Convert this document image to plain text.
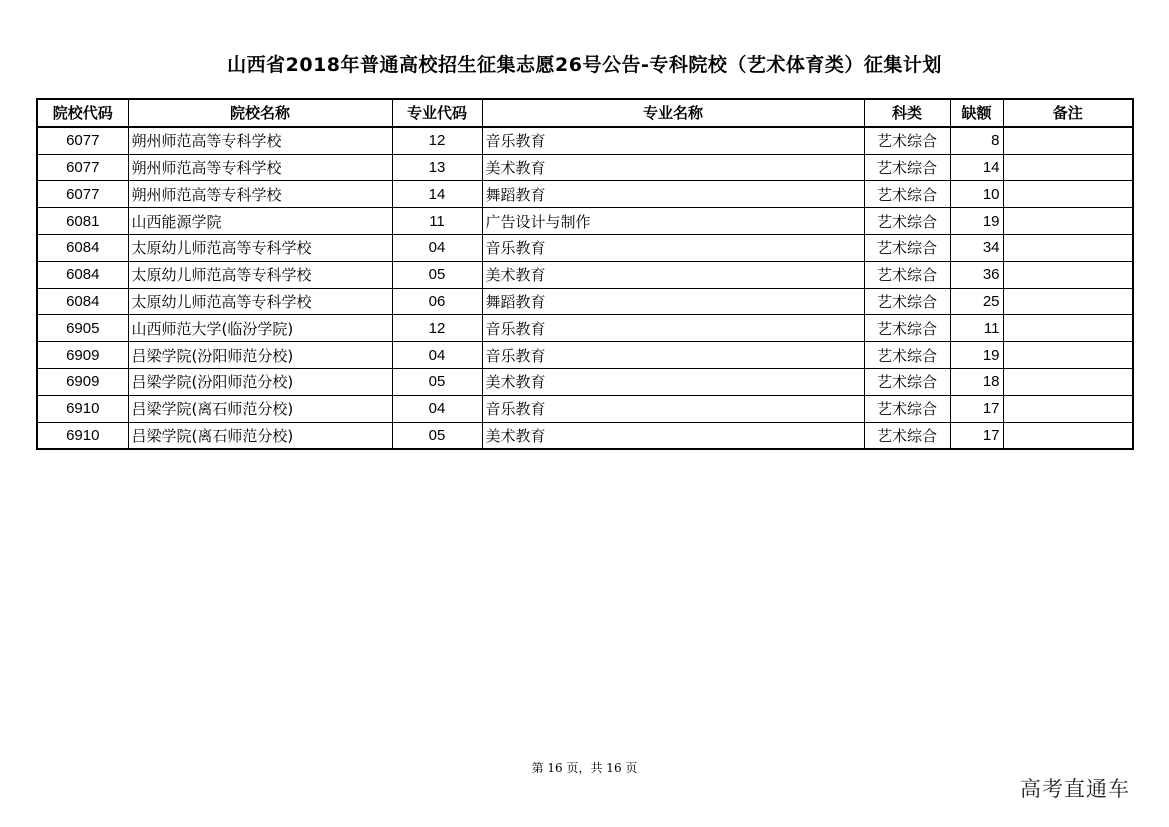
山西省2018年普通高校招生征集志愿26号公告-专科院校（艺术体育类）征集计划
院校代码	院校名称	专业代码	专业名称	科类	缺额	备注
6077	朔州师范高等专科学校	12	音乐教育	艺术综合	8	
6077	朔州师范高等专科学校	13	美术教育	艺术综合	14	
6077	朔州师范高等专科学校	14	舞蹈教育	艺术综合	10	
6081	山西能源学院	11	广告设计与制作	艺术综合	19	
6084	太原幼儿师范高等专科学校	04	音乐教育	艺术综合	34	
6084	太原幼儿师范高等专科学校	05	美术教育	艺术综合	36	
6084	太原幼儿师范高等专科学校	06	舞蹈教育	艺术综合	25	
6905	山西师范大学(临汾学院)	12	音乐教育	艺术综合	11	
6909	吕梁学院(汾阳师范分校)	04	音乐教育	艺术综合	19	
6909	吕梁学院(汾阳师范分校)	05	美术教育	艺术综合	18	
6910	吕梁学院(离石师范分校)	04	音乐教育	艺术综合	17	
6910	吕梁学院(离石师范分校)	05	美术教育	艺术综合	17	
第 16 页，共 16 页
高考直通车
